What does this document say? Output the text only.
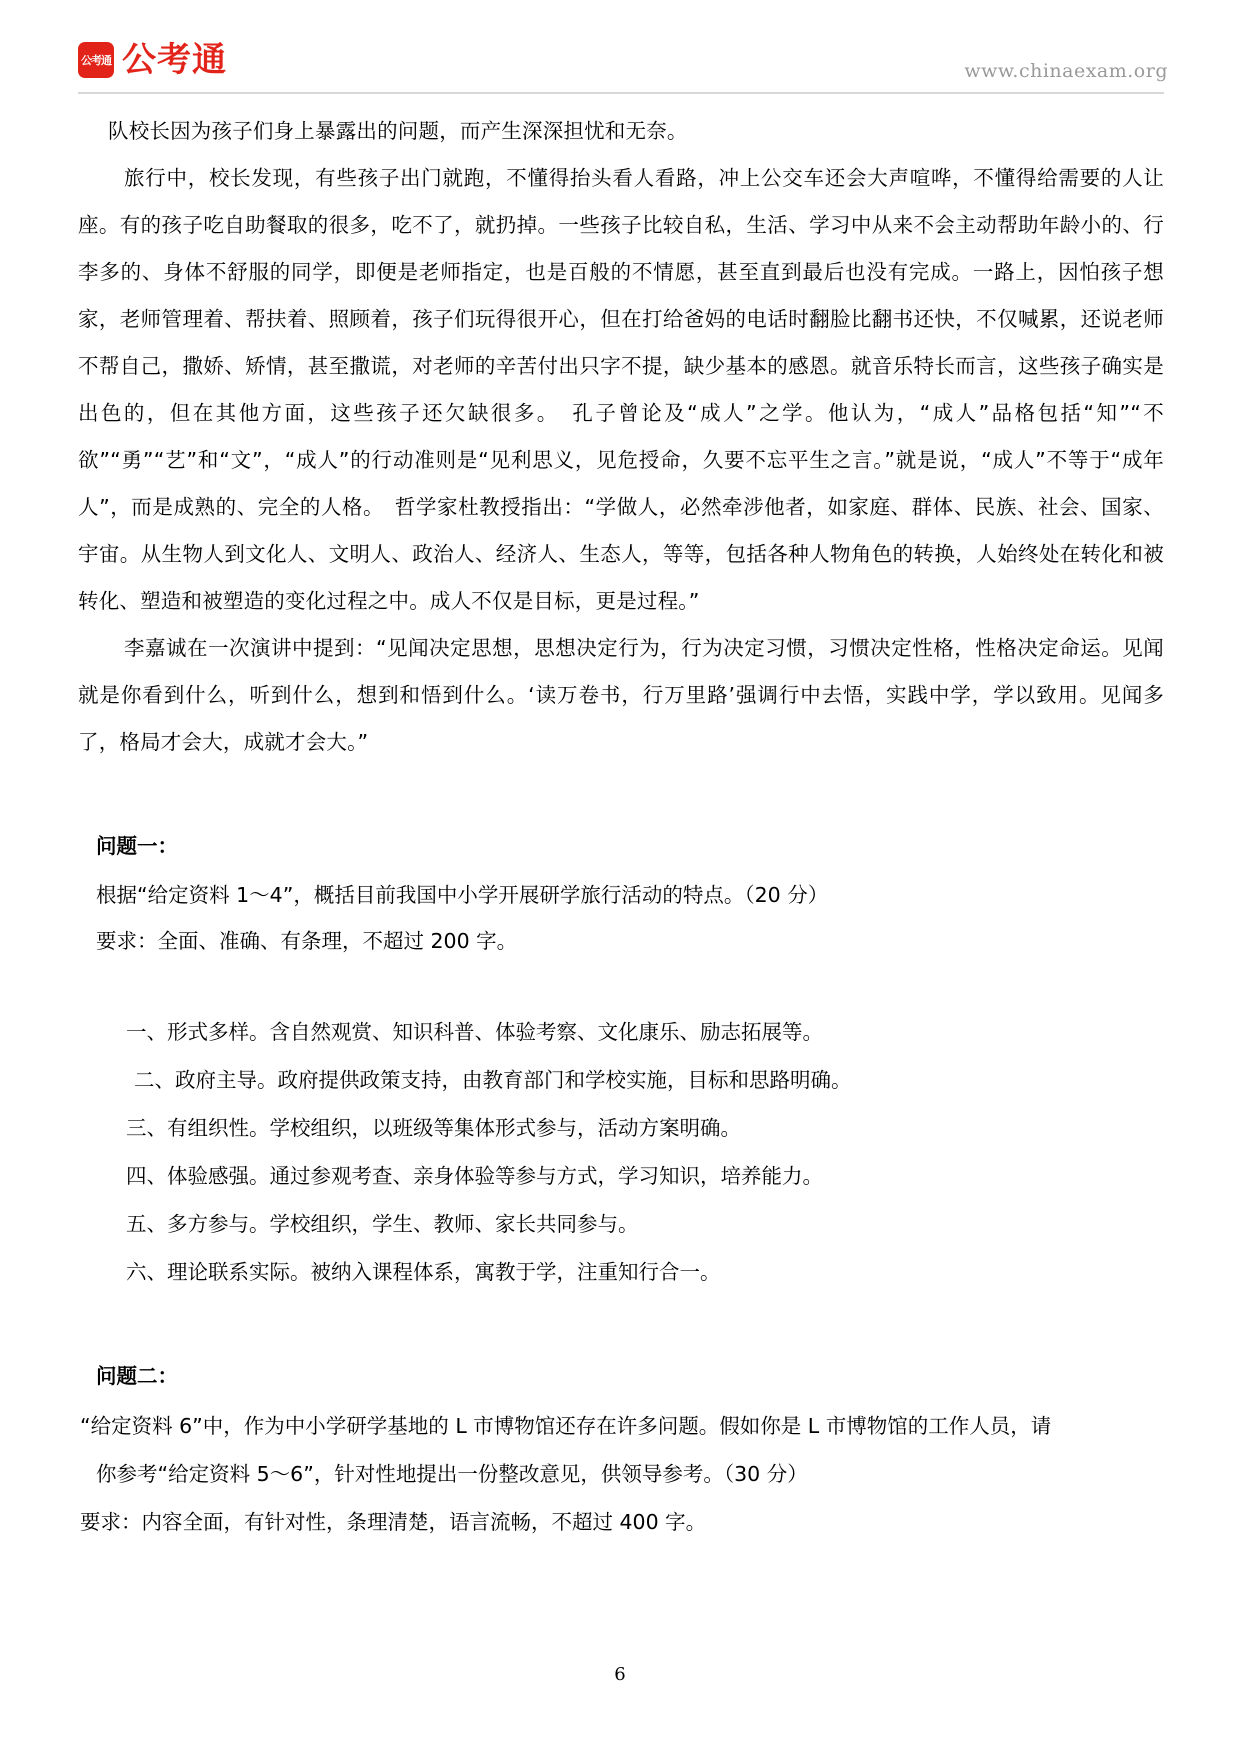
公考通 公考通	www.chinaexam.org

队校长因为孩子们身上暴露出的问题，而产生深深担忧和无奈。

旅行中，校长发现，有些孩子出门就跑，不懂得抬头看人看路，冲上公交车还会大声喧哗，不懂得给需要的人让座。有的孩子吃自助餐取的很多，吃不了，就扔掉。一些孩子比较自私，生活、学习中从来不会主动帮助年龄小的、行李多的、身体不舒服的同学，即便是老师指定，也是百般的不情愿，甚至直到最后也没有完成。一路上，因怕孩子想家，老师管理着、帮扶着、照顾着，孩子们玩得很开心，但在打给爸妈的电话时翻脸比翻书还快，不仅喊累，还说老师不帮自己，撒娇、矫情，甚至撒谎，对老师的辛苦付出只字不提，缺少基本的感恩。就音乐特长而言，这些孩子确实是出色的，但在其他方面，这些孩子还欠缺很多。　孔子曾论及“成人”之学。他认为，“成人”品格包括“知”“不欲”“勇”“艺”和“文”，“成人”的行动准则是“见利思义，见危授命，久要不忘平生之言。”就是说，“成人”不等于“成年人”，而是成熟的、完全的人格。　哲学家杜教授指出：“学做人，必然牵涉他者，如家庭、群体、民族、社会、国家、宇宙。从生物人到文化人、文明人、政治人、经济人、生态人，等等，包括各种人物角色的转换，人始终处在转化和被转化、塑造和被塑造的变化过程之中。成人不仅是目标，更是过程。”

李嘉诚在一次演讲中提到：“见闻决定思想，思想决定行为，行为决定习惯，习惯决定性格，性格决定命运。见闻就是你看到什么，听到什么，想到和悟到什么。‘读万卷书，行万里路’强调行中去悟，实践中学，学以致用。见闻多了，格局才会大，成就才会大。”

问题一：

根据“给定资料 1～4”，概括目前我国中小学开展研学旅行活动的特点。（20 分）

要求：全面、准确、有条理，不超过 200 字。

一、形式多样。含自然观赏、知识科普、体验考察、文化康乐、励志拓展等。

二、政府主导。政府提供政策支持，由教育部门和学校实施，目标和思路明确。

三、有组织性。学校组织，以班级等集体形式参与，活动方案明确。

四、体验感强。通过参观考查、亲身体验等参与方式，学习知识，培养能力。

五、多方参与。学校组织，学生、教师、家长共同参与。

六、理论联系实际。被纳入课程体系，寓教于学，注重知行合一。

问题二：

“给定资料 6”中，作为中小学研学基地的 L 市博物馆还存在许多问题。假如你是 L 市博物馆的工作人员，请

你参考“给定资料 5～6”，针对性地提出一份整改意见，供领导参考。（30 分）

要求：内容全面，有针对性，条理清楚，语言流畅，不超过 400 字。

6
